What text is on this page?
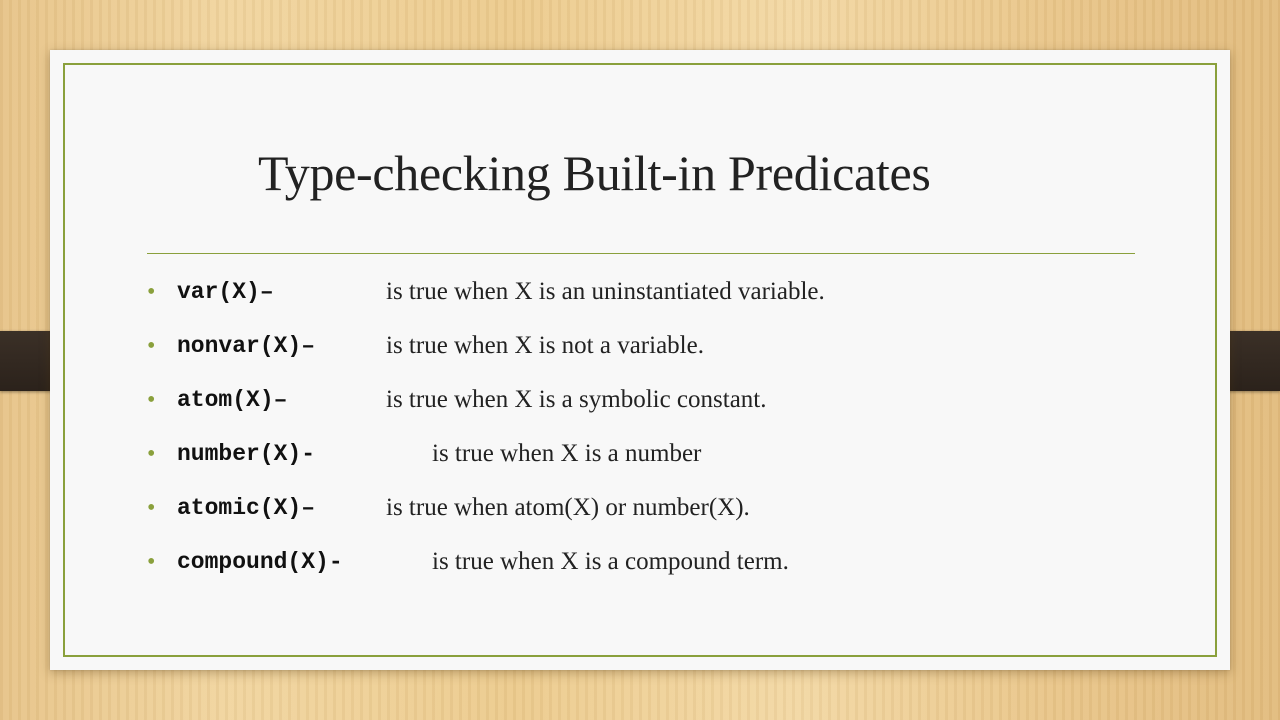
Type-checking Built-in Predicates
• var(X)–	is true when X is an uninstantiated variable.
• nonvar(X)–	is true when X is not a variable.
• atom(X)–	is true when X is a symbolic constant.
• number(X)-	is true when X is a number
• atomic(X)–	is true when atom(X) or number(X).
• compound(X)-	is true when X is a compound term.
